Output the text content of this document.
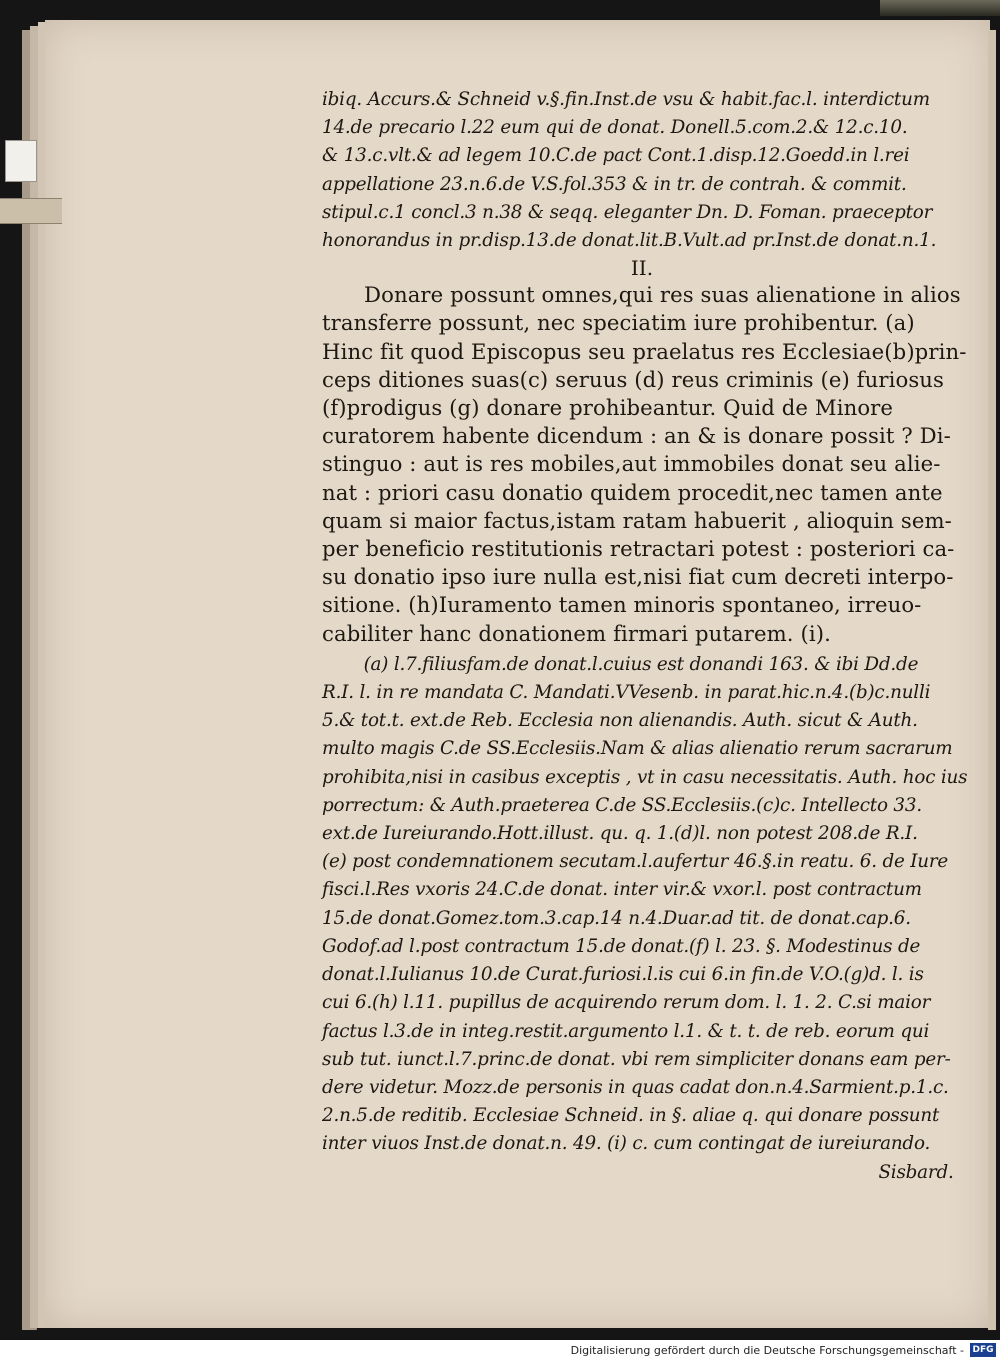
ibiq. Accurs.& Schneid v.§.fin.Inst.de vsu & habit.fac.l. interdictum
14.de precario l.22 eum qui de donat. Donell.5.com.2.& 12.c.10.
& 13.c.vlt.& ad legem 10.C.de pact Cont.1.disp.12.Goedd.in l.rei
appellatione 23.n.6.de V.S.fol.353 & in tr. de contrah. & commit.
stipul.c.1 concl.3 n.38 & seqq. eleganter Dn. D. Foman. praeceptor
honorandus in pr.disp.13.de donat.lit.B.Vult.ad pr.Inst.de donat.n.1.
II.
Donare possunt omnes,qui res suas alienatione in alios
transferre possunt, nec speciatim iure prohibentur. (a)
Hinc fit quod Episcopus seu praelatus res Ecclesiae(b)prin-
ceps ditiones suas(c) seruus (d) reus criminis (e) furiosus
(f)prodigus (g) donare prohibeantur. Quid de Minore
curatorem habente dicendum : an & is donare possit ? Di-
stinguo : aut is res mobiles,aut immobiles donat seu alie-
nat : priori casu donatio quidem procedit,nec tamen ante
quam si maior factus,istam ratam habuerit , alioquin sem-
per beneficio restitutionis retractari potest : posteriori ca-
su donatio ipso iure nulla est,nisi fiat cum decreti interpo-
sitione. (h)Iuramento tamen minoris spontaneo, irreuo-
cabiliter hanc donationem firmari putarem. (i).
(a) l.7.filiusfam.de donat.l.cuius est donandi 163. & ibi Dd.de
R.I. l. in re mandata C. Mandati.VVesenb. in parat.hic.n.4.(b)c.nulli
5.& tot.t. ext.de Reb. Ecclesia non alienandis. Auth. sicut & Auth.
multo magis C.de SS.Ecclesiis.Nam & alias alienatio rerum sacrarum
prohibita,nisi in casibus exceptis , vt in casu necessitatis. Auth. hoc ius
porrectum: & Auth.praeterea C.de SS.Ecclesiis.(c)c. Intellecto 33.
ext.de Iureiurando.Hott.illust. qu. q. 1.(d)l. non potest 208.de R.I.
(e) post condemnationem secutam.l.aufertur 46.§.in reatu. 6. de Iure
fisci.l.Res vxoris 24.C.de donat. inter vir.& vxor.l. post contractum
15.de donat.Gomez.tom.3.cap.14 n.4.Duar.ad tit. de donat.cap.6.
Godof.ad l.post contractum 15.de donat.(f) l. 23. §. Modestinus de
donat.l.Iulianus 10.de Curat.furiosi.l.is cui 6.in fin.de V.O.(g)d. l. is
cui 6.(h) l.11. pupillus de acquirendo rerum dom. l. 1. 2. C.si maior
factus l.3.de in integ.restit.argumento l.1. & t. t. de reb. eorum qui
sub tut. iunct.l.7.princ.de donat. vbi rem simpliciter donans eam per-
dere videtur. Mozz.de personis in quas cadat don.n.4.Sarmient.p.1.c.
2.n.5.de reditib. Ecclesiae Schneid. in §. aliae q. qui donare possunt
inter viuos Inst.de donat.n. 49. (i) c. cum contingat de iureiurando.
Sisbard.
Digitalisierung gefördert durch die Deutsche Forschungsgemeinschaft - DFG
